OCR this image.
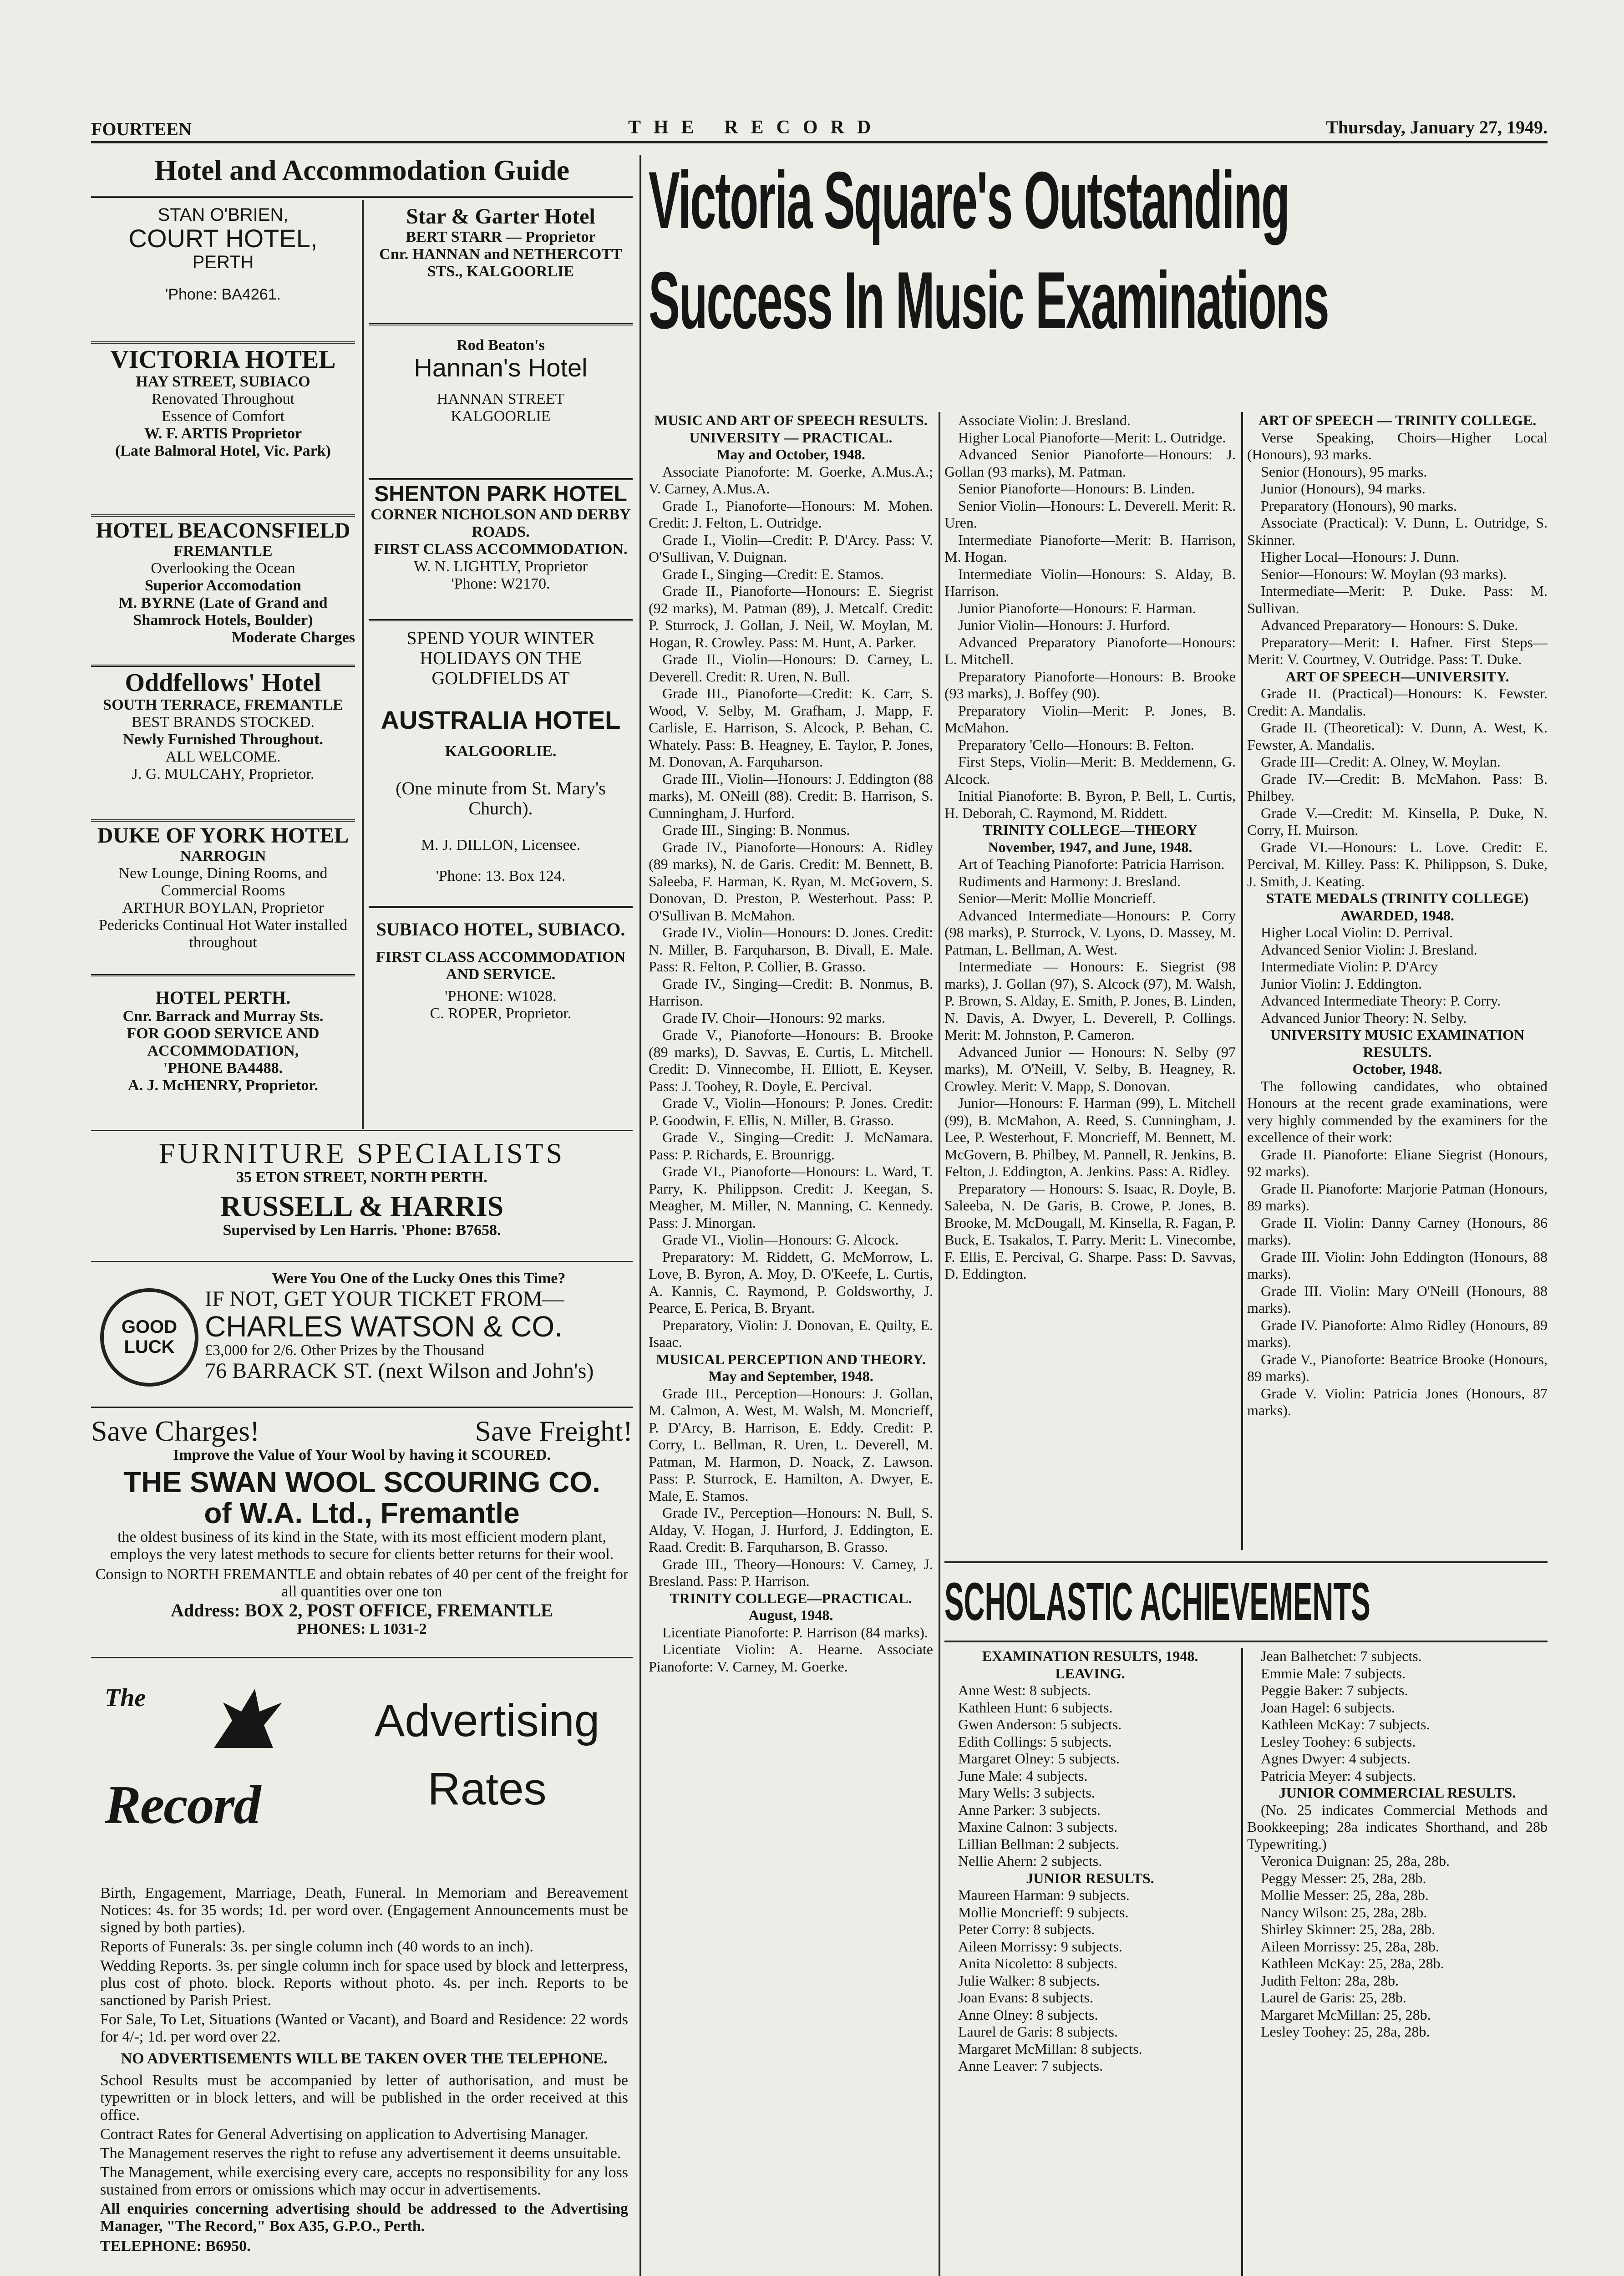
FOURTEEN	THE RECORD	Thursday, January 27, 1949.
Hotel and Accommodation Guide
STAN O'BRIEN,
COURT HOTEL,
PERTH
'Phone: BA4261.
VICTORIA HOTEL
HAY STREET, SUBIACO
Renovated Throughout
Essence of Comfort
W. F. ARTIS Proprietor
(Late Balmoral Hotel, Vic. Park)
HOTEL BEACONSFIELD
FREMANTLE
Overlooking the Ocean
Superior Accomodation
M. BYRNE (Late of Grand and Shamrock Hotels, Boulder)
Moderate Charges
Oddfellows' Hotel
SOUTH TERRACE, FREMANTLE
BEST BRANDS STOCKED.
Newly Furnished Throughout.
ALL WELCOME.
J. G. MULCAHY, Proprietor.
DUKE OF YORK HOTEL
NARROGIN
New Lounge, Dining Rooms, and Commercial Rooms
ARTHUR BOYLAN, Proprietor
Pedericks Continual Hot Water installed throughout
HOTEL PERTH.
Cnr. Barrack and Murray Sts.
FOR GOOD SERVICE AND ACCOMMODATION,
'PHONE BA4488.
A. J. McHENRY, Proprietor.
Star & Garter Hotel
BERT STARR — Proprietor
Cnr. HANNAN and NETHERCOTT STS., KALGOORLIE
Rod Beaton's
Hannan's Hotel
HANNAN STREET
KALGOORLIE
SHENTON PARK HOTEL
CORNER NICHOLSON AND DERBY ROADS.
FIRST CLASS ACCOMMODATION.
W. N. LIGHTLY, Proprietor
'Phone: W2170.
SPEND YOUR WINTER HOLIDAYS ON THE GOLDFIELDS AT
AUSTRALIA HOTEL
KALGOORLIE.
(One minute from St. Mary's Church).
M. J. DILLON, Licensee.
'Phone: 13. Box 124.
SUBIACO HOTEL, SUBIACO.
FIRST CLASS ACCOMMODATION AND SERVICE.
'PHONE: W1028.
C. ROPER, Proprietor.
FURNITURE SPECIALISTS
35 ETON STREET, NORTH PERTH.
RUSSELL & HARRIS
Supervised by Len Harris. 'Phone: B7658.
GOOD
LUCK
Were You One of the Lucky Ones this Time?
IF NOT, GET YOUR TICKET FROM—
CHARLES WATSON & CO.
£3,000 for 2/6. Other Prizes by the Thousand
76 BARRACK ST. (next Wilson and John's)
Save Charges!	Save Freight!
Improve the Value of Your Wool by having it SCOURED.
THE SWAN WOOL SCOURING CO.
of W.A. Ltd., Fremantle
the oldest business of its kind in the State, with its most efficient modern plant, employs the very latest methods to secure for clients better returns for their wool.
Consign to NORTH FREMANTLE and obtain rebates of 40 per cent of the freight for all quantities over one ton
Address: BOX 2, POST OFFICE, FREMANTLE
PHONES: L 1031-2
The
Record
Advertising
Rates

Birth, Engagement, Marriage, Death, Funeral. In Memoriam and Bereavement Notices: 4s. for 35 words; 1d. per word over. (Engagement Announcements must be signed by both parties).

Reports of Funerals: 3s. per single column inch (40 words to an inch).

Wedding Reports. 3s. per single column inch for space used by block and letterpress, plus cost of photo. block. Reports without photo. 4s. per inch. Reports to be sanctioned by Parish Priest.

For Sale, To Let, Situations (Wanted or Vacant), and Board and Residence: 22 words for 4/-; 1d. per word over 22.

NO ADVERTISEMENTS WILL BE TAKEN OVER THE TELEPHONE.

School Results must be accompanied by letter of authorisation, and must be typewritten or in block letters, and will be published in the order received at this office.

Contract Rates for General Advertising on application to Advertising Manager.

The Management reserves the right to refuse any advertisement it deems unsuitable.

The Management, while exercising every care, accepts no responsibility for any loss sustained from errors or omissions which may occur in advertisements.

All enquiries concerning advertising should be addressed to the Advertising Manager, "The Record," Box A35, G.P.O., Perth.

TELEPHONE: B6950.

Victoria Square's Outstanding
Success In Music Examinations

MUSIC AND ART OF SPEECH RESULTS.

UNIVERSITY — PRACTICAL.

May and October, 1948.

Associate Pianoforte: M. Goerke, A.Mus.A.; V. Carney, A.Mus.A.

Grade I., Pianoforte—Honours: M. Mohen. Credit: J. Felton, L. Outridge.

Grade I., Violin—Credit: P. D'Arcy. Pass: V. O'Sullivan, V. Duignan.

Grade I., Singing—Credit: E. Stamos.

Grade II., Pianoforte—Honours: E. Siegrist (92 marks), M. Patman (89), J. Metcalf. Credit: P. Sturrock, J. Gollan, J. Neil, W. Moylan, M. Hogan, R. Crowley. Pass: M. Hunt, A. Parker.

Grade II., Violin—Honours: D. Carney, L. Deverell. Credit: R. Uren, N. Bull.

Grade III., Pianoforte—Credit: K. Carr, S. Wood, V. Selby, M. Grafham, J. Mapp, F. Carlisle, E. Harrison, S. Alcock, P. Behan, C. Whately. Pass: B. Heagney, E. Taylor, P. Jones, M. Donovan, A. Farquharson.

Grade III., Violin—Honours: J. Eddington (88 marks), M. ONeill (88). Credit: B. Harrison, S. Cunningham, J. Hurford.

Grade III., Singing: B. Nonmus.

Grade IV., Pianoforte—Honours: A. Ridley (89 marks), N. de Garis. Credit: M. Bennett, B. Saleeba, F. Harman, K. Ryan, M. McGovern, S. Donovan, D. Preston, P. Westerhout. Pass: P. O'Sullivan B. McMahon.

Grade IV., Violin—Honours: D. Jones. Credit: N. Miller, B. Farquharson, B. Divall, E. Male. Pass: R. Felton, P. Collier, B. Grasso.

Grade IV., Singing—Credit: B. Nonmus, B. Harrison.

Grade IV. Choir—Honours: 92 marks.

Grade V., Pianoforte—Honours: B. Brooke (89 marks), D. Savvas, E. Curtis, L. Mitchell. Credit: D. Vinnecombe, H. Elliott, E. Keyser. Pass: J. Toohey, R. Doyle, E. Percival.

Grade V., Violin—Honours: P. Jones. Credit: P. Goodwin, F. Ellis, N. Miller, B. Grasso.

Grade V., Singing—Credit: J. McNamara. Pass: P. Richards, E. Brounrigg.

Grade VI., Pianoforte—Honours: L. Ward, T. Parry, K. Philippson. Credit: J. Keegan, S. Meagher, M. Miller, N. Manning, C. Kennedy. Pass: J. Minorgan.

Grade VI., Violin—Honours: G. Alcock.

Preparatory: M. Riddett, G. McMorrow, L. Love, B. Byron, A. Moy, D. O'Keefe, L. Curtis, A. Kannis, C. Raymond, P. Goldsworthy, J. Pearce, E. Perica, B. Bryant.

Preparatory, Violin: J. Donovan, E. Quilty, E. Isaac.

MUSICAL PERCEPTION AND THEORY.

May and September, 1948.

Grade III., Perception—Honours: J. Gollan, M. Calmon, A. West, M. Walsh, M. Moncrieff, P. D'Arcy, B. Harrison, E. Eddy. Credit: P. Corry, L. Bellman, R. Uren, L. Deverell, M. Patman, M. Harmon, D. Noack, Z. Lawson. Pass: P. Sturrock, E. Hamilton, A. Dwyer, E. Male, E. Stamos.

Grade IV., Perception—Honours: N. Bull, S. Alday, V. Hogan, J. Hurford, J. Eddington, E. Raad. Credit: B. Farquharson, B. Grasso.

Grade III., Theory—Honours: V. Carney, J. Bresland. Pass: P. Harrison.

TRINITY COLLEGE—PRACTICAL.

August, 1948.

Licentiate Pianoforte: P. Harrison (84 marks).

Licentiate Violin: A. Hearne. Associate Pianoforte: V. Carney, M. Goerke.

Associate Violin: J. Bresland.

Higher Local Pianoforte—Merit: L. Outridge.

Advanced Senior Pianoforte—Honours: J. Gollan (93 marks), M. Patman.

Senior Pianoforte—Honours: B. Linden.

Senior Violin—Honours: L. Deverell. Merit: R. Uren.

Intermediate Pianoforte—Merit: B. Harrison, M. Hogan.

Intermediate Violin—Honours: S. Alday, B. Harrison.

Junior Pianoforte—Honours: F. Harman.

Junior Violin—Honours: J. Hurford.

Advanced Preparatory Pianoforte—Honours: L. Mitchell.

Preparatory Pianoforte—Honours: B. Brooke (93 marks), J. Boffey (90).

Preparatory Violin—Merit: P. Jones, B. McMahon.

Preparatory 'Cello—Honours: B. Felton.

First Steps, Violin—Merit: B. Meddemenn, G. Alcock.

Initial Pianoforte: B. Byron, P. Bell, L. Curtis, H. Deborah, C. Raymond, M. Riddett.

TRINITY COLLEGE—THEORY

November, 1947, and June, 1948.

Art of Teaching Pianoforte: Patricia Harrison.

Rudiments and Harmony: J. Bresland.

Senior—Merit: Mollie Moncrieff.

Advanced Intermediate—Honours: P. Corry (98 marks), P. Sturrock, V. Lyons, D. Massey, M. Patman, L. Bellman, A. West.

Intermediate — Honours: E. Siegrist (98 marks), J. Gollan (97), S. Alcock (97), M. Walsh, P. Brown, S. Alday, E. Smith, P. Jones, B. Linden, N. Davis, A. Dwyer, L. Deverell, P. Collings. Merit: M. Johnston, P. Cameron.

Advanced Junior — Honours: N. Selby (97 marks), M. O'Neill, V. Selby, B. Heagney, R. Crowley. Merit: V. Mapp, S. Donovan.

Junior—Honours: F. Harman (99), L. Mitchell (99), B. McMahon, A. Reed, S. Cunningham, J. Lee, P. Westerhout, F. Moncrieff, M. Bennett, M. McGovern, B. Philbey, M. Pannell, R. Jenkins, B. Felton, J. Eddington, A. Jenkins. Pass: A. Ridley.

Preparatory — Honours: S. Isaac, R. Doyle, B. Saleeba, N. De Garis, B. Crowe, P. Jones, B. Brooke, M. McDougall, M. Kinsella, R. Fagan, P. Buck, E. Tsakalos, T. Parry. Merit: L. Vinecombe, F. Ellis, E. Percival, G. Sharpe. Pass: D. Savvas, D. Eddington.

ART OF SPEECH — TRINITY COLLEGE.

Verse Speaking, Choirs—Higher Local (Honours), 93 marks.

Senior (Honours), 95 marks.

Junior (Honours), 94 marks.

Preparatory (Honours), 90 marks.

Associate (Practical): V. Dunn, L. Outridge, S. Skinner.

Higher Local—Honours: J. Dunn.

Senior—Honours: W. Moylan (93 marks).

Intermediate—Merit: P. Duke. Pass: M. Sullivan.

Advanced Preparatory— Honours: S. Duke.

Preparatory—Merit: I. Hafner. First Steps—Merit: V. Courtney, V. Outridge. Pass: T. Duke.

ART OF SPEECH—UNIVERSITY.

Grade II. (Practical)—Honours: K. Fewster. Credit: A. Mandalis.

Grade II. (Theoretical): V. Dunn, A. West, K. Fewster, A. Mandalis.

Grade III—Credit: A. Olney, W. Moylan.

Grade IV.—Credit: B. McMahon. Pass: B. Philbey.

Grade V.—Credit: M. Kinsella, P. Duke, N. Corry, H. Muirson.

Grade VI.—Honours: L. Love. Credit: E. Percival, M. Killey. Pass: K. Philippson, S. Duke, J. Smith, J. Keating.

STATE MEDALS (TRINITY COLLEGE) AWARDED, 1948.

Higher Local Violin: D. Perrival.

Advanced Senior Violin: J. Bresland.

Intermediate Violin: P. D'Arcy

Junior Violin: J. Eddington.

Advanced Intermediate Theory: P. Corry.

Advanced Junior Theory: N. Selby.

UNIVERSITY MUSIC EXAMINATION RESULTS.

October, 1948.

The following candidates, who obtained Honours at the recent grade examinations, were very highly commended by the examiners for the excellence of their work:

Grade II. Pianoforte: Eliane Siegrist (Honours, 92 marks).

Grade II. Pianoforte: Marjorie Patman (Honours, 89 marks).

Grade II. Violin: Danny Carney (Honours, 86 marks).

Grade III. Violin: John Eddington (Honours, 88 marks).

Grade III. Violin: Mary O'Neill (Honours, 88 marks).

Grade IV. Pianoforte: Almo Ridley (Honours, 89 marks).

Grade V., Pianoforte: Beatrice Brooke (Honours, 89 marks).

Grade V. Violin: Patricia Jones (Honours, 87 marks).

SCHOLASTIC ACHIEVEMENTS

EXAMINATION RESULTS, 1948.

LEAVING.

Anne West: 8 subjects.

Kathleen Hunt: 6 subjects.

Gwen Anderson: 5 subjects.

Edith Collings: 5 subjects.

Margaret Olney: 5 subjects.

June Male: 4 subjects.

Mary Wells: 3 subjects.

Anne Parker: 3 subjects.

Maxine Calnon: 3 subjects.

Lillian Bellman: 2 subjects.

Nellie Ahern: 2 subjects.

JUNIOR RESULTS.

Maureen Harman: 9 subjects.

Mollie Moncrieff: 9 subjects.

Peter Corry: 8 subjects.

Aileen Morrissy: 9 subjects.

Anita Nicoletto: 8 subjects.

Julie Walker: 8 subjects.

Joan Evans: 8 subjects.

Anne Olney: 8 subjects.

Laurel de Garis: 8 subjects.

Margaret McMillan: 8 subjects.

Anne Leaver: 7 subjects.

Jean Balhetchet: 7 subjects.

Emmie Male: 7 subjects.

Peggie Baker: 7 subjects.

Joan Hagel: 6 subjects.

Kathleen McKay: 7 subjects.

Lesley Toohey: 6 subjects.

Agnes Dwyer: 4 subjects.

Patricia Meyer: 4 subjects.

JUNIOR COMMERCIAL RESULTS.

(No. 25 indicates Commercial Methods and Bookkeeping; 28a indicates Shorthand, and 28b Typewriting.)

Veronica Duignan: 25, 28a, 28b.

Peggy Messer: 25, 28a, 28b.

Mollie Messer: 25, 28a, 28b.

Nancy Wilson: 25, 28a, 28b.

Shirley Skinner: 25, 28a, 28b.

Aileen Morrissy: 25, 28a, 28b.

Kathleen McKay: 25, 28a, 28b.

Judith Felton: 28a, 28b.

Laurel de Garis: 25, 28b.

Margaret McMillan: 25, 28b.

Lesley Toohey: 25, 28a, 28b.
